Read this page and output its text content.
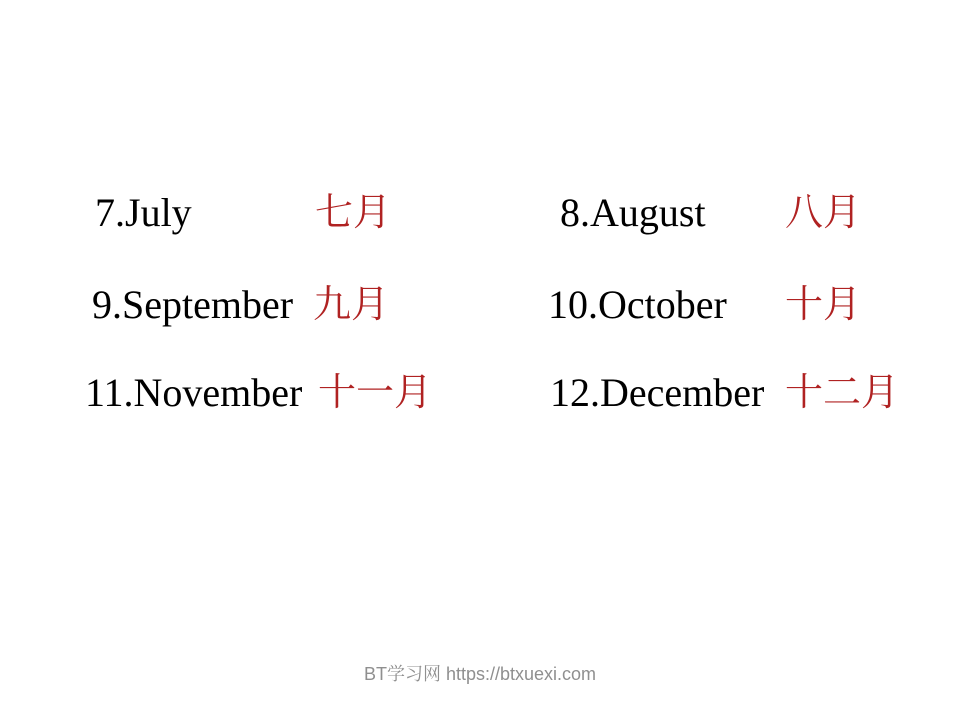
7.July	七月	8.August 八月
9.September 九月	10.October 十月
11.November 十一月	12.December 十二月
BT学习网 https://btxuexi.com
